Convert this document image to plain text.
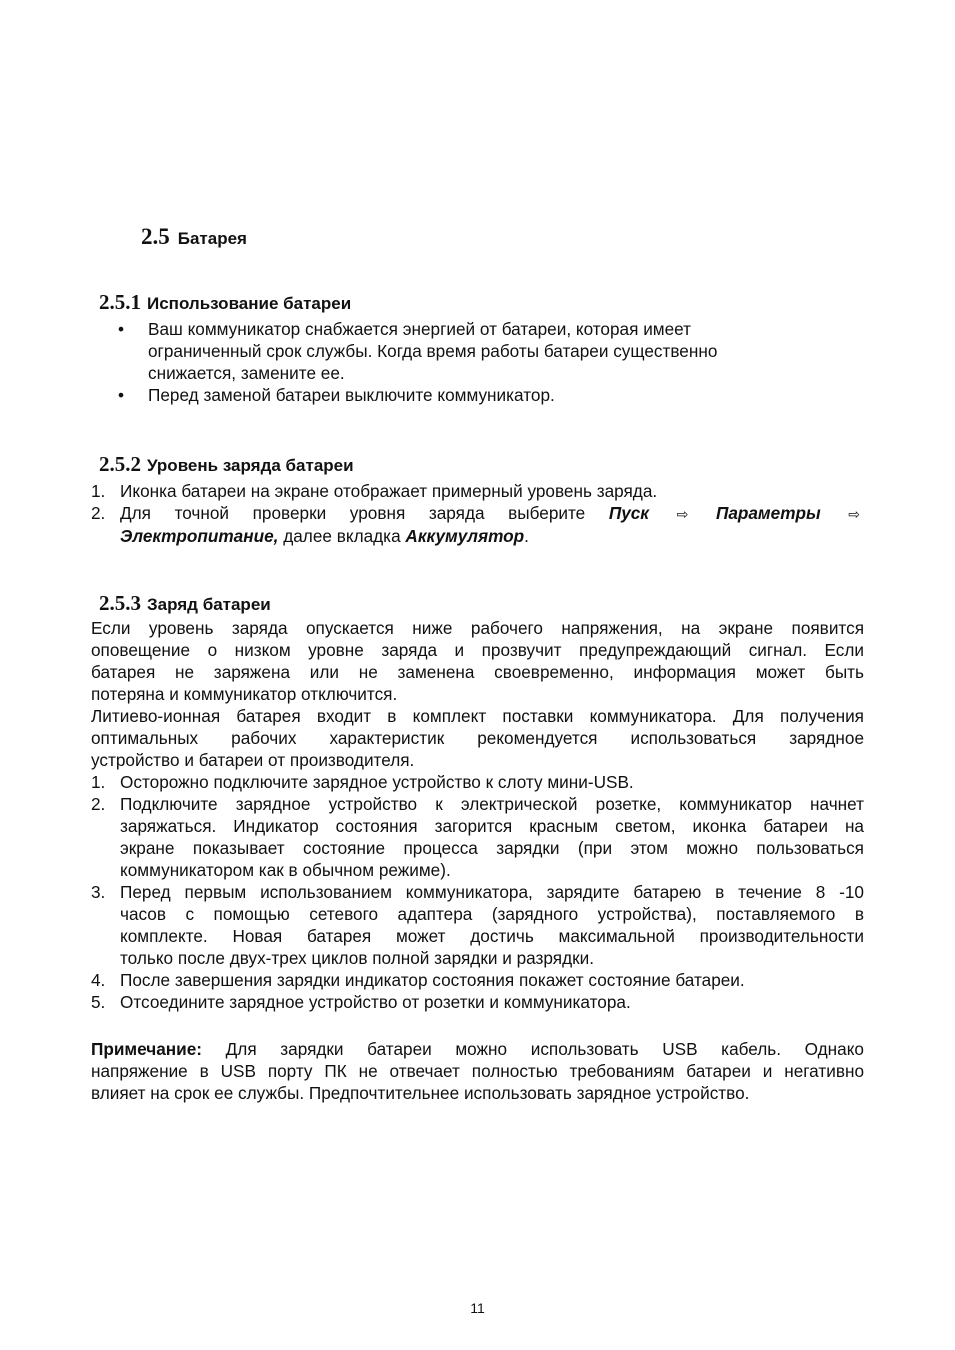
2.5 Батарея
2.5.1 Использование батареи
• Ваш коммуникатор снабжается энергией от батареи, которая имеет
ограниченный срок службы. Когда время работы батареи существенно
снижается, замените ее.
• Перед заменой батареи выключите коммуникатор.
2.5.2 Уровень заряда батареи
1. Иконка батареи на экране отображает примерный уровень заряда.
2. Для точной проверки уровня заряда выберите Пуск ⇨ Параметры ⇨
Электропитание, далее вкладка Аккумулятор.
2.5.3 Заряд батареи
Если уровень заряда опускается ниже рабочего напряжения, на экране появится
оповещение о низком уровне заряда и прозвучит предупреждающий сигнал. Если
батарея не заряжена или не заменена своевременно, информация может быть
потеряна и коммуникатор отключится.
Литиево-ионная батарея входит в комплект поставки коммуникатора. Для получения
оптимальных рабочих характеристик рекомендуется использоваться зарядное
устройство и батареи от производителя.
1. Осторожно подключите зарядное устройство к слоту мини-USB.
2. Подключите зарядное устройство к электрической розетке, коммуникатор начнет
заряжаться. Индикатор состояния загорится красным светом, иконка батареи на
экране показывает состояние процесса зарядки (при этом можно пользоваться
коммуникатором как в обычном режиме).
3. Перед первым использованием коммуникатора, зарядите батарею в течение 8 -10
часов с помощью сетевого адаптера (зарядного устройства), поставляемого в
комплекте. Новая батарея может достичь максимальной производительности
только после двух-трех циклов полной зарядки и разрядки.
4. После завершения зарядки индикатор состояния покажет состояние батареи.
5. Отсоедините зарядное устройство от розетки и коммуникатора.
Примечание: Для зарядки батареи можно использовать USB кабель. Однако
напряжение в USB порту ПК не отвечает полностью требованиям батареи и негативно
влияет на срок ее службы. Предпочтительнее использовать зарядное устройство.
11
